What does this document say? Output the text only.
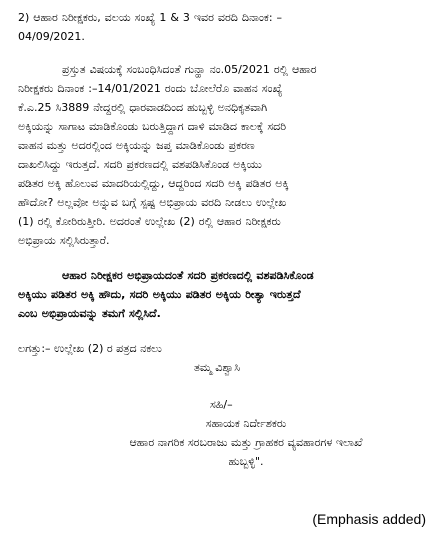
2) ಆಹಾರ ನಿರೀಕ್ಷಕರು, ವಲಯ ಸಂಖ್ಯೆ 1 & 3 ಇವರ ವರದಿ ದಿನಾಂಕ: –
04/09/2021.
ಪ್ರಸ್ತುತ ವಿಷಯಕ್ಕೆ ಸಂಬಂಧಿಸಿದಂತೆ ಗುನ್ಹಾ ನಂ.05/2021 ರಲ್ಲಿ ಆಹಾರ
ನಿರೀಕ್ಷಕರು ದಿನಾಂಕ :–14/01/2021 ರಂದು ಬೋಲೆರೊ ವಾಹನ ಸಂಖ್ಯೆ
ಕೆ.ಎ.25 ಸಿ3889 ನೇದ್ದರಲ್ಲಿ ಧಾರವಾಡದಿಂದ ಹುಬ್ಬಳ್ಳಿ ಅನಧಿಕೃತವಾಗಿ
ಅಕ್ಕಿಯನ್ನು ಸಾಗಾಟ ಮಾಡಿಕೊಂಡು ಬರುತ್ತಿದ್ದಾಗ ದಾಳಿ ಮಾಡಿದ ಕಾಲಕ್ಕೆ ಸದರಿ
ವಾಹನ ಮತ್ತು ಅದರಲ್ಲಿಂದ ಅಕ್ಕಿಯನ್ನು ಜಪ್ತ ಮಾಡಿಕೊಂಡು ಪ್ರಕರಣ
ದಾಖಲಿಸಿದ್ದು ಇರುತ್ತದೆ. ಸದರಿ ಪ್ರಕರಣದಲ್ಲಿ ವಶಪಡಿಸಿಕೊಂಡ ಅಕ್ಕಿಯು
ಪಡಿತರ ಅಕ್ಕಿ ಹೊಲುವ ಮಾದರಿಯಲ್ಲಿದ್ದು, ಆದ್ದರಿಂದ ಸದರಿ ಅಕ್ಕಿ ಪಡಿತರ ಅಕ್ಕಿ
ಹೌದೋ? ಅಲ್ಲವೋ ಅನ್ನುವ ಬಗ್ಗೆ ಸ್ಪಷ್ಟ ಅಭಿಪ್ರಾಯ ವರದಿ ನೀಡಲು ಉಲ್ಲೇಖ
(1) ರಲ್ಲಿ ಕೋರಿರುತ್ತೀರಿ. ಅದರಂತೆ ಉಲ್ಲೇಖ (2) ರಲ್ಲಿ ಆಹಾರ ನಿರೀಕ್ಷಕರು
ಅಭಿಪ್ರಾಯ ಸಲ್ಲಿಸಿರುತ್ತಾರೆ.
ಆಹಾರ ನಿರೀಕ್ಷಕರ ಅಭಿಪ್ರಾಯದಂತೆ ಸದರಿ ಪ್ರಕರಣದಲ್ಲಿ ವಶಪಡಿಸಿಕೊಂಡ
ಅಕ್ಕಿಯು ಪಡಿತರ ಅಕ್ಕಿ ಹೌದು, ಸದರಿ ಅಕ್ಕಿಯು ಪಡಿತರ ಅಕ್ಕಿಯ ರೀತ್ಯಾ ಇರುತ್ತದೆ
ಎಂಬ ಅಭಿಪ್ರಾಯವನ್ನು ತಮಗೆ ಸಲ್ಲಿಸಿದೆ.
ಲಗತ್ತು:– ಉಲ್ಲೇಖ (2) ರ ಪತ್ರದ ನಕಲು
ತಮ್ಮ ವಿಶ್ವಾಸಿ
ಸಹಿ/–
ಸಹಾಯಕ ನಿರ್ದೇಶಕರು
ಆಹಾರ ನಾಗರಿಕ ಸರಬರಾಜು ಮತ್ತು ಗ್ರಾಹಕರ ವ್ಯವಹಾರಗಳ ಇಲಾಖೆ
ಹುಬ್ಬಳ್ಳಿ".
(Emphasis added)
